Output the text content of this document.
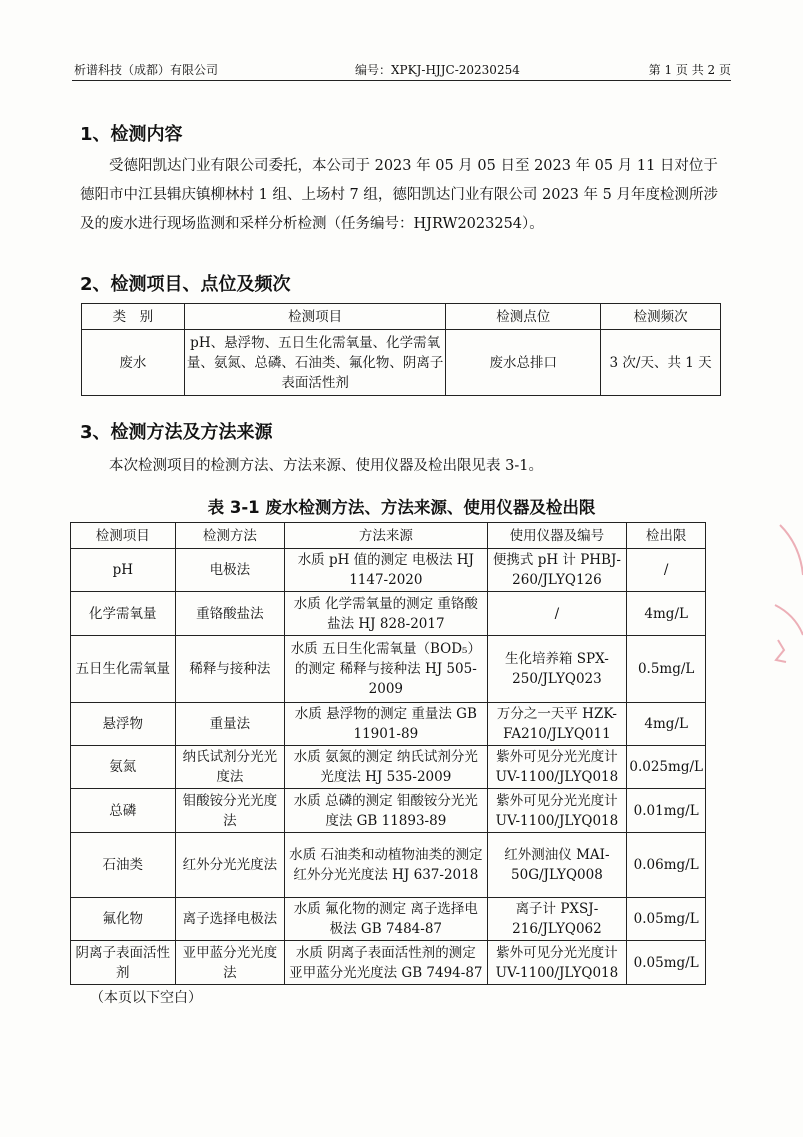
析谱科技（成都）有限公司	编号：XPKJ-HJJC-20230254	第 1 页 共 2 页
1、检测内容

受德阳凯达门业有限公司委托，本公司于 2023 年 05 月 05 日至 2023 年 05 月 11 日对位于德阳市中江县辑庆镇柳林村 1 组、上场村 7 组，德阳凯达门业有限公司 2023 年 5 月年度检测所涉及的废水进行现场监测和采样分析检测（任务编号：HJRW2023254）。

2、检测项目、点位及频次
类　别	检测项目	检测点位	检测频次
废水	pH、悬浮物、五日生化需氧量、化学需氧量、氨氮、总磷、石油类、氟化物、阴离子表面活性剂	废水总排口	3 次/天、共 1 天
3、检测方法及方法来源

本次检测项目的检测方法、方法来源、使用仪器及检出限见表 3-1。

表 3-1 废水检测方法、方法来源、使用仪器及检出限
检测项目	检测方法	方法来源	使用仪器及编号	检出限
pH	电极法	水质 pH 值的测定 电极法 HJ 1147-2020	便携式 pH 计 PHBJ-260/JLYQ126	/
化学需氧量	重铬酸盐法	水质 化学需氧量的测定 重铬酸盐法 HJ 828-2017	/	4mg/L
五日生化需氧量	稀释与接种法	水质 五日生化需氧量（BOD₅）的测定 稀释与接种法 HJ 505-2009	生化培养箱 SPX-250/JLYQ023	0.5mg/L
悬浮物	重量法	水质 悬浮物的测定 重量法 GB 11901-89	万分之一天平 HZK-FA210/JLYQ011	4mg/L
氨氮	纳氏试剂分光光度法	水质 氨氮的测定 纳氏试剂分光光度法 HJ 535-2009	紫外可见分光光度计 UV-1100/JLYQ018	0.025mg/L
总磷	钼酸铵分光光度法	水质 总磷的测定 钼酸铵分光光度法 GB 11893-89	紫外可见分光光度计 UV-1100/JLYQ018	0.01mg/L
石油类	红外分光光度法	水质 石油类和动植物油类的测定 红外分光光度法 HJ 637-2018	红外测油仪 MAI-50G/JLYQ008	0.06mg/L
氟化物	离子选择电极法	水质 氟化物的测定 离子选择电极法 GB 7484-87	离子计 PXSJ-216/JLYQ062	0.05mg/L
阴离子表面活性剂	亚甲蓝分光光度法	水质 阴离子表面活性剂的测定 亚甲蓝分光光度法 GB 7494-87	紫外可见分光光度计 UV-1100/JLYQ018	0.05mg/L
（本页以下空白）
